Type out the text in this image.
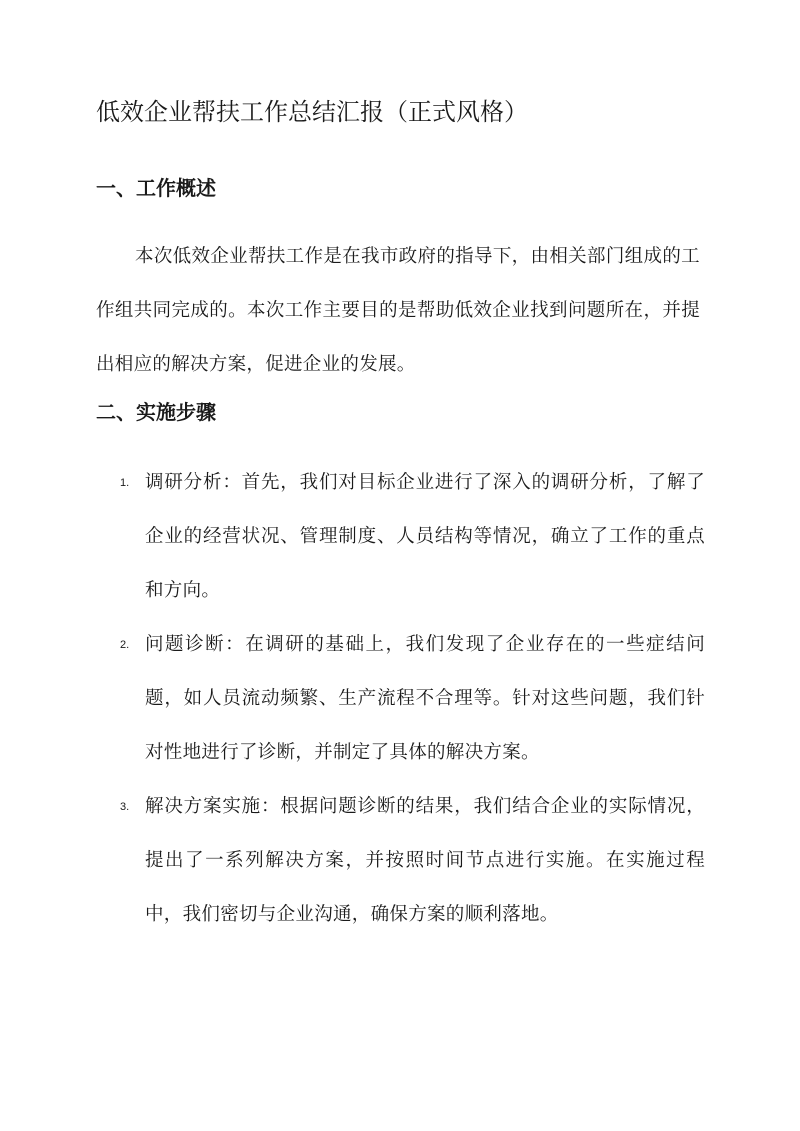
低效企业帮扶工作总结汇报（正式风格）
一、工作概述

本次低效企业帮扶工作是在我市政府的指导下，由相关部门组成的工作组共同完成的。本次工作主要目的是帮助低效企业找到问题所在，并提出相应的解决方案，促进企业的发展。

二、实施步骤
1. 调研分析：首先，我们对目标企业进行了深入的调研分析，了解了企业的经营状况、管理制度、人员结构等情况，确立了工作的重点和方向。
2. 问题诊断：在调研的基础上，我们发现了企业存在的一些症结问题，如人员流动频繁、生产流程不合理等。针对这些问题，我们针对性地进行了诊断，并制定了具体的解决方案。
3. 解决方案实施：根据问题诊断的结果，我们结合企业的实际情况，提出了一系列解决方案，并按照时间节点进行实施。在实施过程中，我们密切与企业沟通，确保方案的顺利落地。
